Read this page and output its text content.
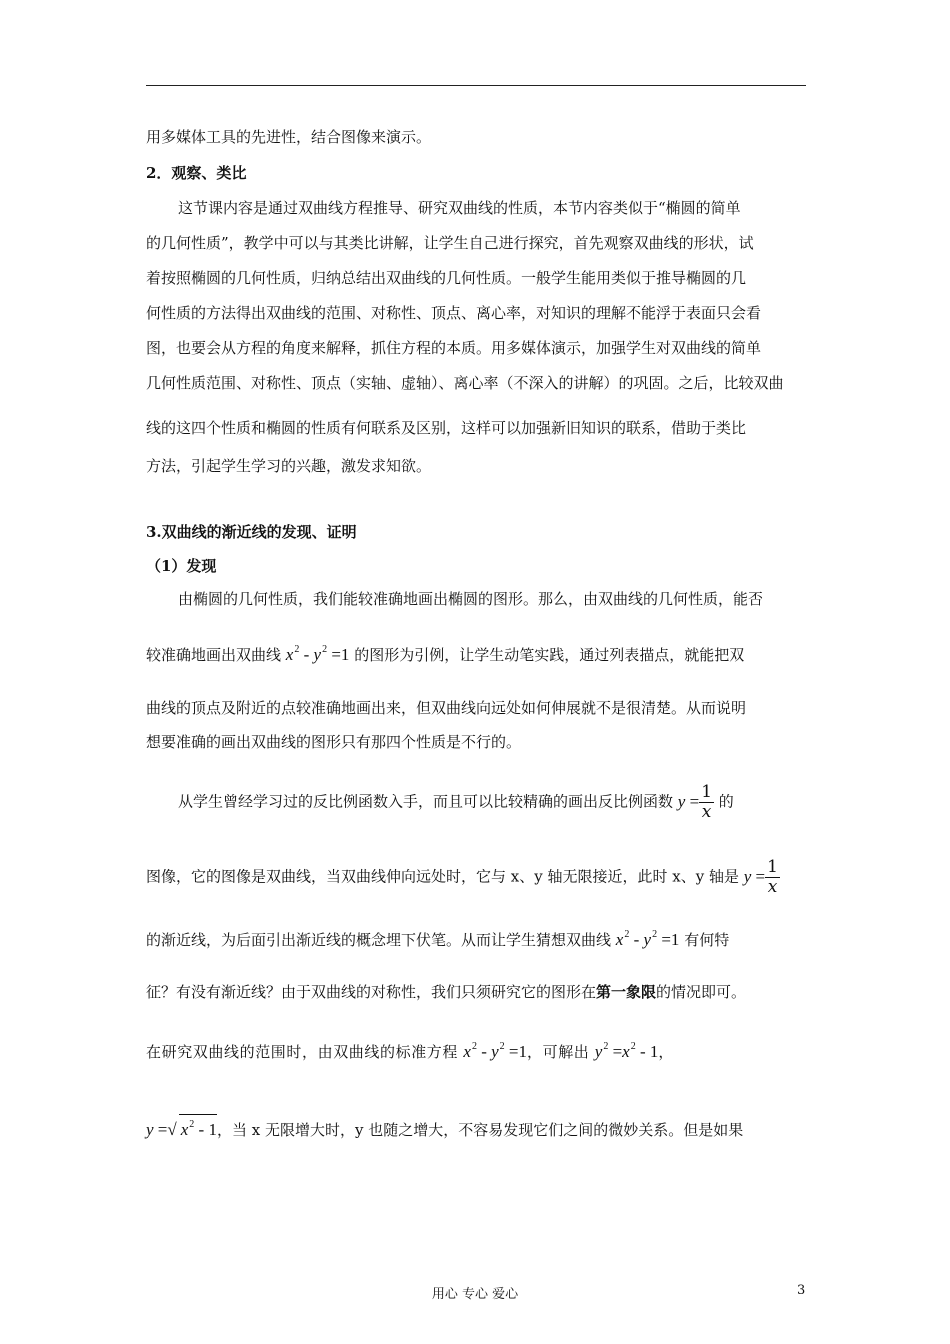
用多媒体工具的先进性，结合图像来演示。
2．观察、类比
这节课内容是通过双曲线方程推导、研究双曲线的性质，本节内容类似于“椭圆的简单
的几何性质”，教学中可以与其类比讲解，让学生自己进行探究，首先观察双曲线的形状，试
着按照椭圆的几何性质，归纳总结出双曲线的几何性质。一般学生能用类似于推导椭圆的几
何性质的方法得出双曲线的范围、对称性、顶点、离心率，对知识的理解不能浮于表面只会看
图，也要会从方程的角度来解释，抓住方程的本质。用多媒体演示，加强学生对双曲线的简单
几何性质范围、对称性、顶点（实轴、虚轴）、离心率（不深入的讲解）的巩固。之后，比较双曲
线的这四个性质和椭圆的性质有何联系及区别，这样可以加强新旧知识的联系，借助于类比
方法，引起学生学习的兴趣，激发求知欲。
3.双曲线的渐近线的发现、证明
（1）发现
由椭圆的几何性质，我们能较准确地画出椭圆的图形。那么，由双曲线的几何性质，能否
较准确地画出双曲线 $x^2 - y^2 =1$ 的图形为引例，让学生动笔实践，通过列表描点，就能把双
曲线的顶点及附近的点较准确地画出来，但双曲线向远处如何伸展就不是很清楚。从而说明
想要准确的画出双曲线的图形只有那四个性质是不行的。
从学生曾经学习过的反比例函数入手，而且可以比较精确的画出反比例函数 $y = \frac{1}{x}$ 的
图像，它的图像是双曲线，当双曲线伸向远处时，它与 x、y 轴无限接近，此时 x、y 轴是 $y = \frac{1}{x}$
的渐近线，为后面引出渐近线的概念埋下伏笔。从而让学生猜想双曲线 $x^2 - y^2 =1$ 有何特
征？有没有渐近线？由于双曲线的对称性，我们只须研究它的图形在第一象限的情况即可。
在研究双曲线的范围时，由双曲线的标准方程 $x^2 - y^2 =1$，可解出 $y^2 =x^2 - 1$，
y =√ $x^2 - 1$，当 x 无限增大时，y 也随之增大，不容易发现它们之间的微妙关系。但是如果
用心 专心 爱心	3
